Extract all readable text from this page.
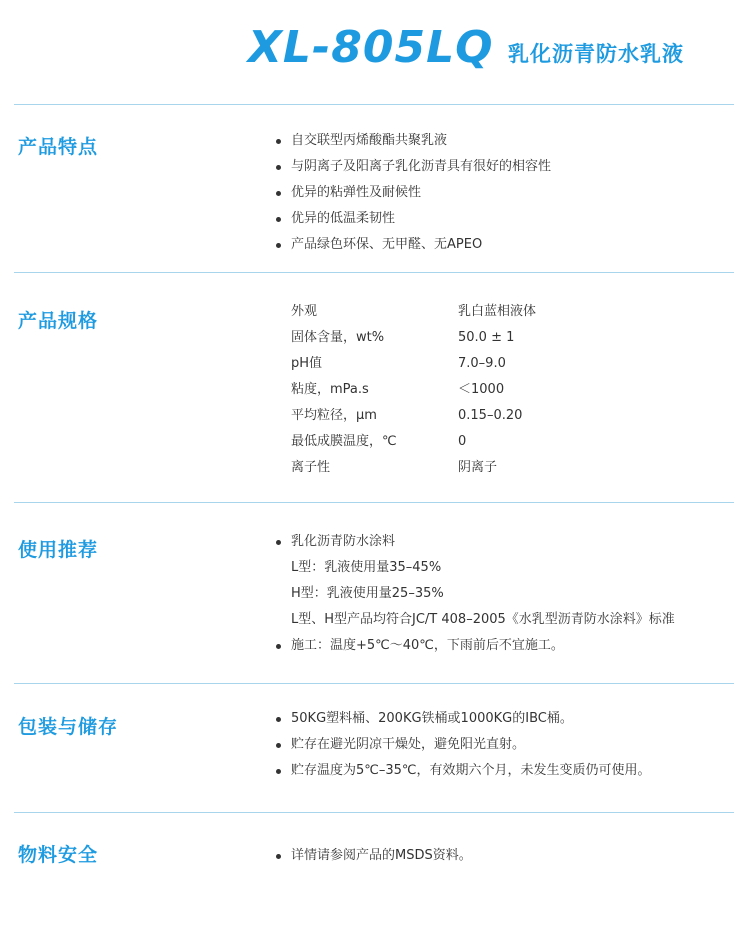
XL-805LQ 乳化沥青防水乳液
产品特点	自交联型丙烯酸酯共聚乳液
与阴离子及阳离子乳化沥青具有很好的相容性
优异的粘弹性及耐候性
优异的低温柔韧性
产品绿色环保、无甲醛、无APEO
产品规格	外观	乳白蓝相液体
固体含量，wt%	50.0 ± 1
pH值	7.0–9.0
粘度，mPa.s	＜1000
平均粒径，μm	0.15–0.20
最低成膜温度，℃	0
离子性	阴离子
使用推荐	乳化沥青防水涂料
L型：乳液使用量35–45%
H型：乳液使用量25–35%
L型、H型产品均符合JC/T 408–2005《水乳型沥青防水涂料》标准
施工：温度+5℃～40℃，下雨前后不宜施工。
包装与储存	50KG塑料桶、200KG铁桶或1000KG的IBC桶。
贮存在避光阴凉干燥处，避免阳光直射。
贮存温度为5℃–35℃，有效期六个月，未发生变质仍可使用。
物料安全	详情请参阅产品的MSDS资料。
